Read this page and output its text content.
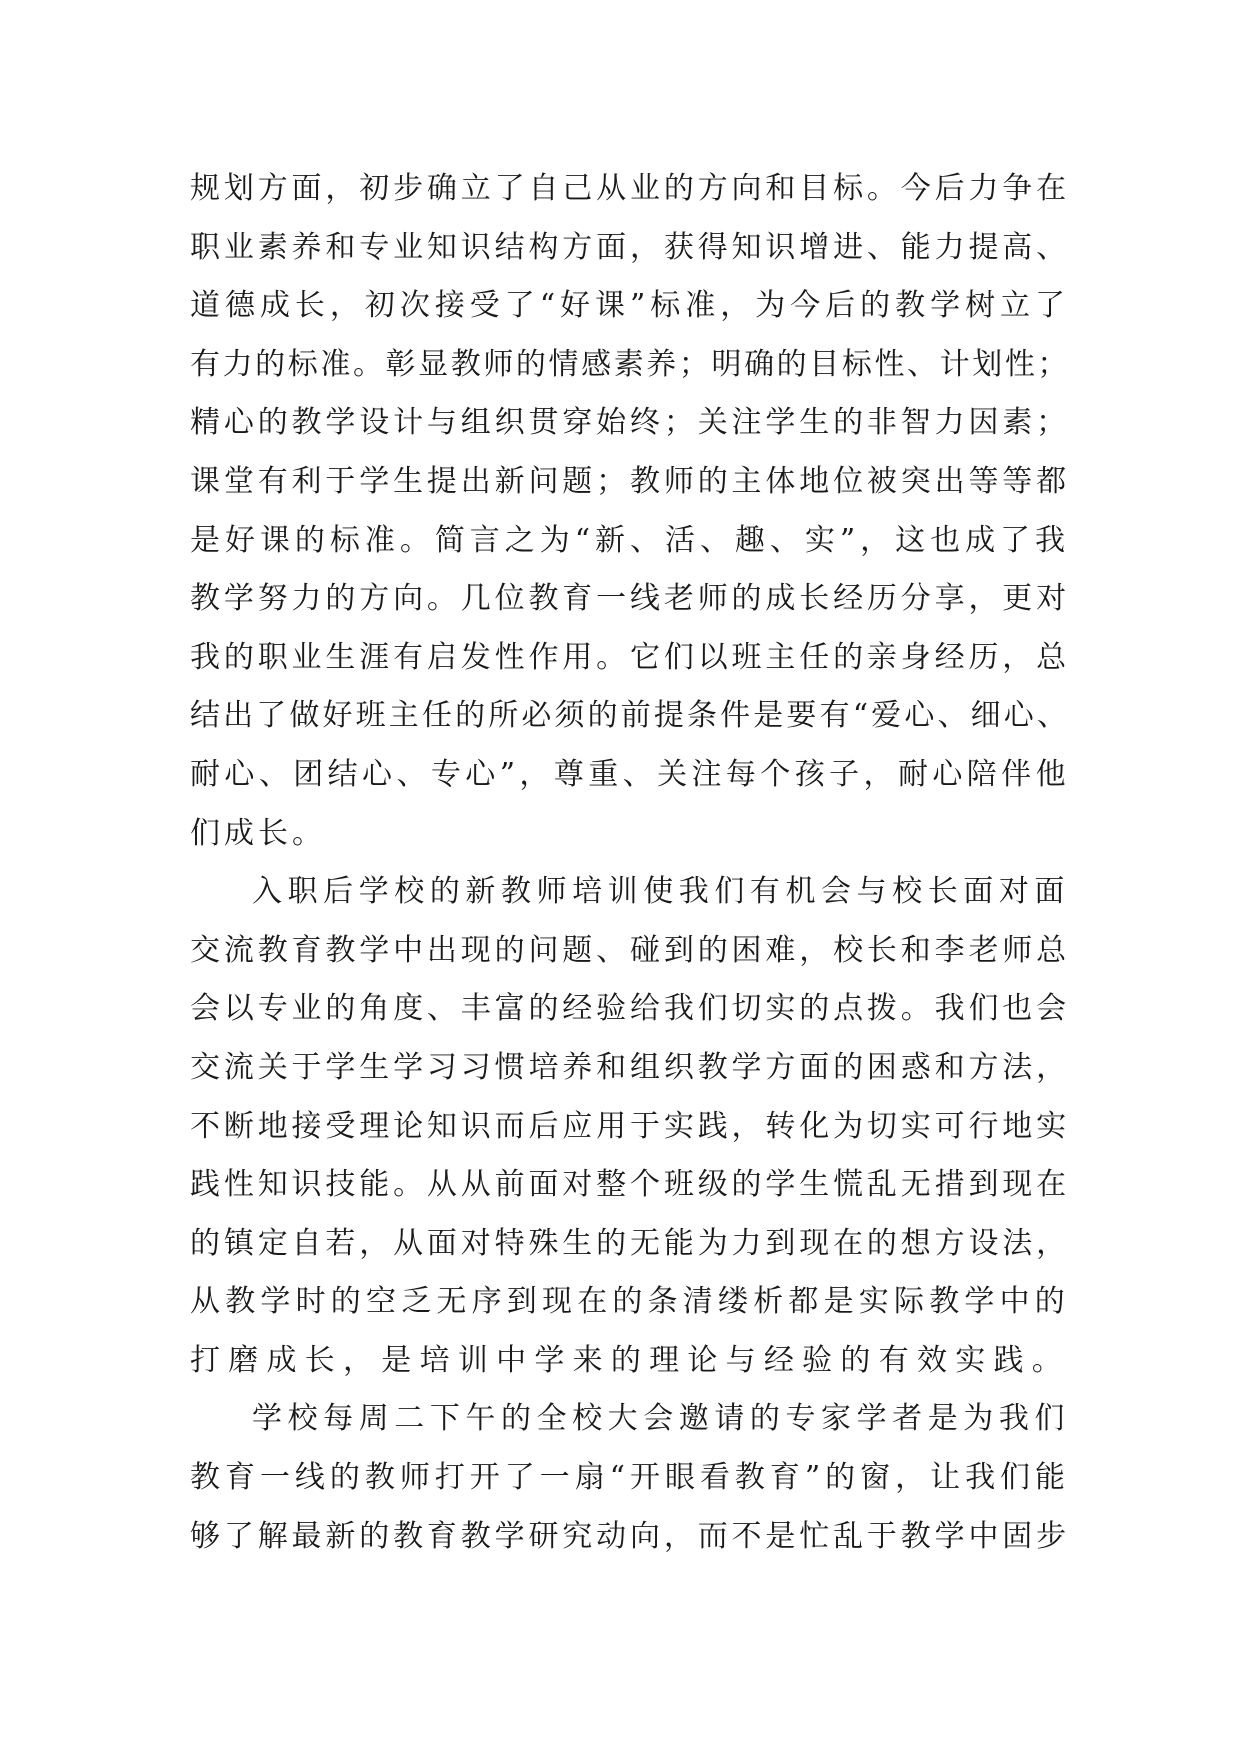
规划方面，初步确立了自己从业的方向和目标。今后力争在
职业素养和专业知识结构方面，获得知识增进、能力提高、
道德成长，初次接受了“好课”标准，为今后的教学树立了
有力的标准。彰显教师的情感素养；明确的目标性、计划性；
精心的教学设计与组织贯穿始终；关注学生的非智力因素；
课堂有利于学生提出新问题；教师的主体地位被突出等等都
是好课的标准。简言之为“新、活、趣、实”，这也成了我
教学努力的方向。几位教育一线老师的成长经历分享，更对
我的职业生涯有启发性作用。它们以班主任的亲身经历，总
结出了做好班主任的所必须的前提条件是要有“爱心、细心、
耐心、团结心、专心”，尊重、关注每个孩子，耐心陪伴他
们成长。
入职后学校的新教师培训使我们有机会与校长面对面
交流教育教学中出现的问题、碰到的困难，校长和李老师总
会以专业的角度、丰富的经验给我们切实的点拨。我们也会
交流关于学生学习习惯培养和组织教学方面的困惑和方法，
不断地接受理论知识而后应用于实践，转化为切实可行地实
践性知识技能。从从前面对整个班级的学生慌乱无措到现在
的镇定自若，从面对特殊生的无能为力到现在的想方设法，
从教学时的空乏无序到现在的条清缕析都是实际教学中的
打磨成长，是培训中学来的理论与经验的有效实践。
学校每周二下午的全校大会邀请的专家学者是为我们
教育一线的教师打开了一扇“开眼看教育”的窗，让我们能
够了解最新的教育教学研究动向，而不是忙乱于教学中固步
